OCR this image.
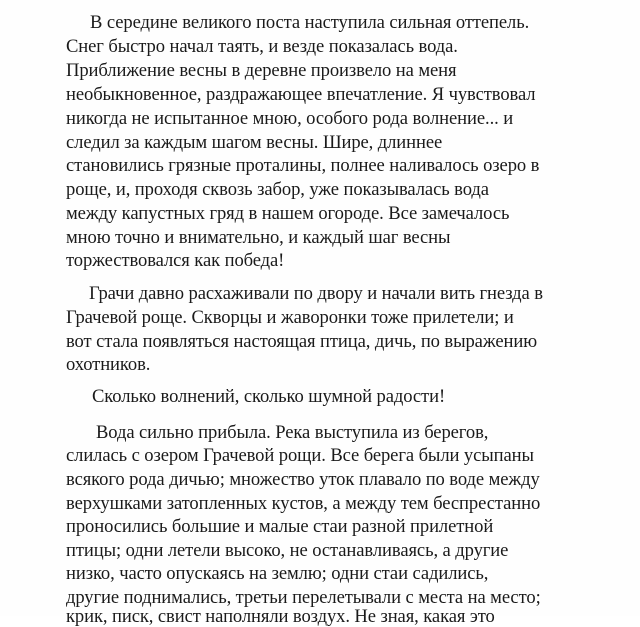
В середине великого поста наступила сильная оттепель.
Снег быстро начал таять, и везде показалась вода.
Приближение весны в деревне произвело на меня
необыкновенное, раздражающее впечатление. Я чувствовал
никогда не испытанное мною, особого рода волнение... и
следил за каждым шагом весны. Шире, длиннее
становились грязные проталины, полнее наливалось озеро в
роще, и, проходя сквозь забор, уже показывалась вода
между капустных гряд в нашем огороде. Все замечалось
мною точно и внимательно, и каждый шаг весны
торжествовался как победа!
Грачи давно расхаживали по двору и начали вить гнезда в
Грачевой роще. Скворцы и жаворонки тоже прилетели; и
вот стала появляться настоящая птица, дичь, по выражению
охотников.
Сколько волнений, сколько шумной радости!
Вода сильно прибыла. Река выступила из берегов,
слилась с озером Грачевой рощи. Все берега были усыпаны
всякого рода дичью; множество уток плавало по воде между
верхушками затопленных кустов, а между тем беспрестанно
проносились большие и малые стаи разной прилетной
птицы; одни летели высоко, не останавливаясь, а другие
низко, часто опускаясь на землю; одни стаи садились,
другие поднимались, третьи перелетывали с места на место;
крик, писк, свист наполняли воздух. Не зная, какая это
